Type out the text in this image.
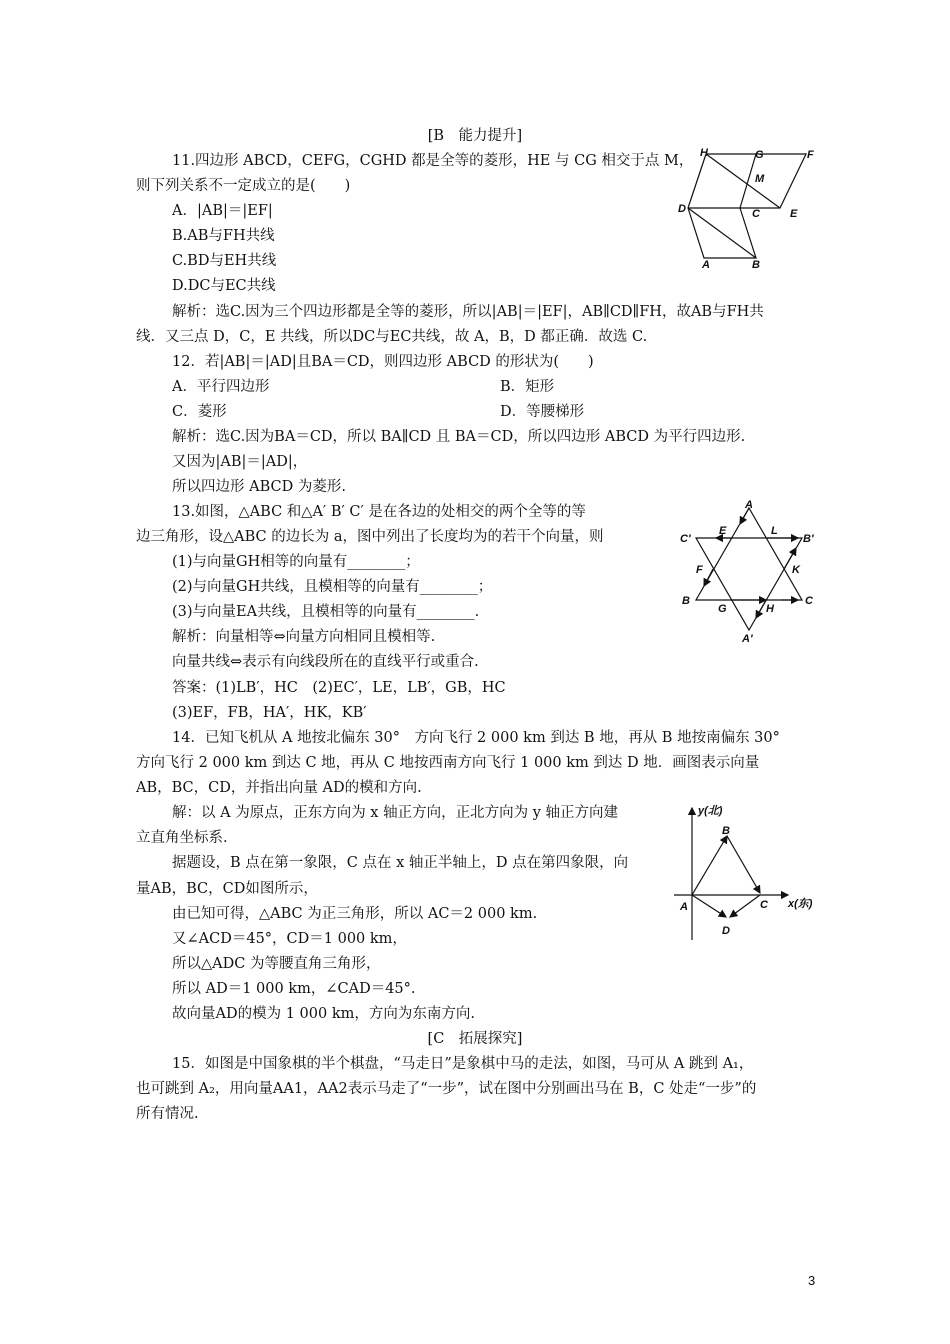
11.四边形 ABCD，CEFG，CGHD 都是全等的菱形，HE 与 CG 相交于点 M，
则下列关系不一定成立的是(　　)
A．|AB|＝|EF|
B.AB与FH共线
C.BD与EH共线
D.DC与EC共线
解析：选C.因为三个四边形都是全等的菱形，所以|AB|＝|EF|，AB∥CD∥FH，故AB与FH共
线．又三点 D，C，E 共线，所以DC与EC共线，故 A，B，D 都正确．故选 C.
12．若|AB|＝|AD|且BA＝CD，则四边形 ABCD 的形状为(　　)
A．平行四边形	B．矩形
C．菱形	D．等腰梯形
解析：选C.因为BA＝CD，所以 BA∥CD 且 BA＝CD，所以四边形 ABCD 为平行四边形.
又因为|AB|＝|AD|，
所以四边形 ABCD 为菱形.
13.如图，△ABC 和△A′ B′ C′ 是在各边的处相交的两个全等的等
边三角形，设△ABC 的边长为 a，图中列出了长度均为的若干个向量，则
(1)与向量GH相等的向量有________；
(2)与向量GH共线，且模相等的向量有________；
(3)与向量EA共线，且模相等的向量有________.
解析：向量相等⇔向量方向相同且模相等.
向量共线⇔表示有向线段所在的直线平行或重合.
答案：(1)LB′，HC　(2)EC′，LE，LB′，GB，HC
(3)EF，FB，HA′，HK，KB′
14．已知飞机从 A 地按北偏东 30°　方向飞行 2 000 km 到达 B 地，再从 B 地按南偏东 30°
方向飞行 2 000 km 到达 C 地，再从 C 地按西南方向飞行 1 000 km 到达 D 地．画图表示向量
AB，BC，CD，并指出向量 AD的模和方向.
解：以 A 为原点，正东方向为 x 轴正方向，正北方向为 y 轴正方向建
立直角坐标系.
据题设，B 点在第一象限，C 点在 x 轴正半轴上，D 点在第四象限，向
量AB，BC，CD如图所示，
由已知可得，△ABC 为正三角形，所以 AC＝2 000 km.
又∠ACD＝45°，CD＝1 000 km，
所以△ADC 为等腰直角三角形，
所以 AD＝1 000 km，∠CAD＝45°.
故向量AD的模为 1 000 km，方向为东南方向.
15．如图是中国象棋的半个棋盘，“马走日”是象棋中马的走法，如图，马可从 A 跳到 A₁，
也可跳到 A₂，用向量AA1，AA2表示马走了“一步”，试在图中分别画出马在 B，C 处走“一步”的
所有情况.
[B　能力提升]
[C　拓展探究]
H	G	F
M
D	C	E
A	B
A
C′
E	L
B′
F	K
B
G	H
C
A′
y(北)
x(东)
A
B
C
D
3
